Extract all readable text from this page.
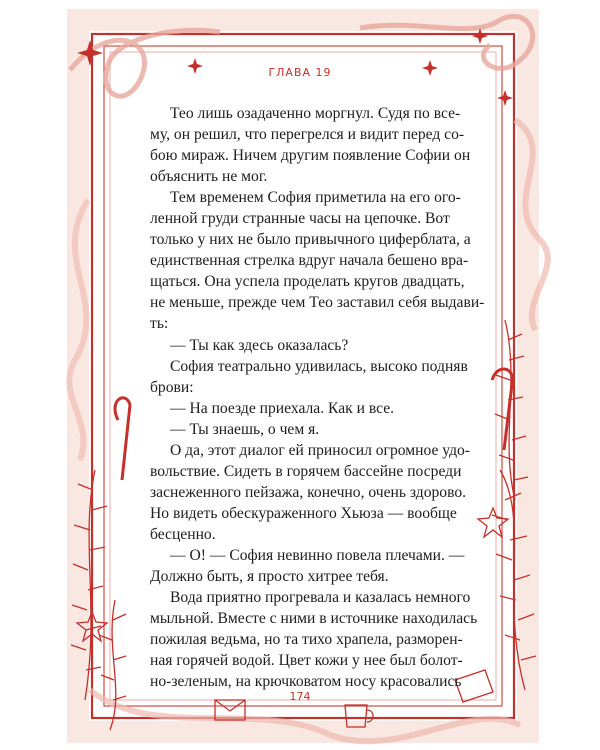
ГЛАВА 19
Тео лишь озадаченно моргнул. Судя по все-
му, он решил, что перегрелся и видит перед со-
бою мираж. Ничем другим появление Софии он
объяснить не мог.
Тем временем София приметила на его ого-
ленной груди странные часы на цепочке. Вот
только у них не было привычного циферблата, а
единственная стрелка вдруг начала бешено вра-
щаться. Она успела проделать кругов двадцать,
не меньше, прежде чем Тео заставил себя выдави-
ть:
— Ты как здесь оказалась?
София театрально удивилась, высоко подняв
брови:
— На поезде приехала. Как и все.
— Ты знаешь, о чем я.
О да, этот диалог ей приносил огромное удо-
вольствие. Сидеть в горячем бассейне посреди
заснеженного пейзажа, конечно, очень здорово.
Но видеть обескураженного Хьюза — вообще
бесценно.
— О! — София невинно повела плечами. —
Должно быть, я просто хитрее тебя.
Вода приятно прогревала и казалась немного
мыльной. Вместе с ними в источнике находилась
пожилая ведьма, но та тихо храпела, разморен-
ная горячей водой. Цвет кожи у нее был болот-
но-зеленым, на крючковатом носу красовались
174
